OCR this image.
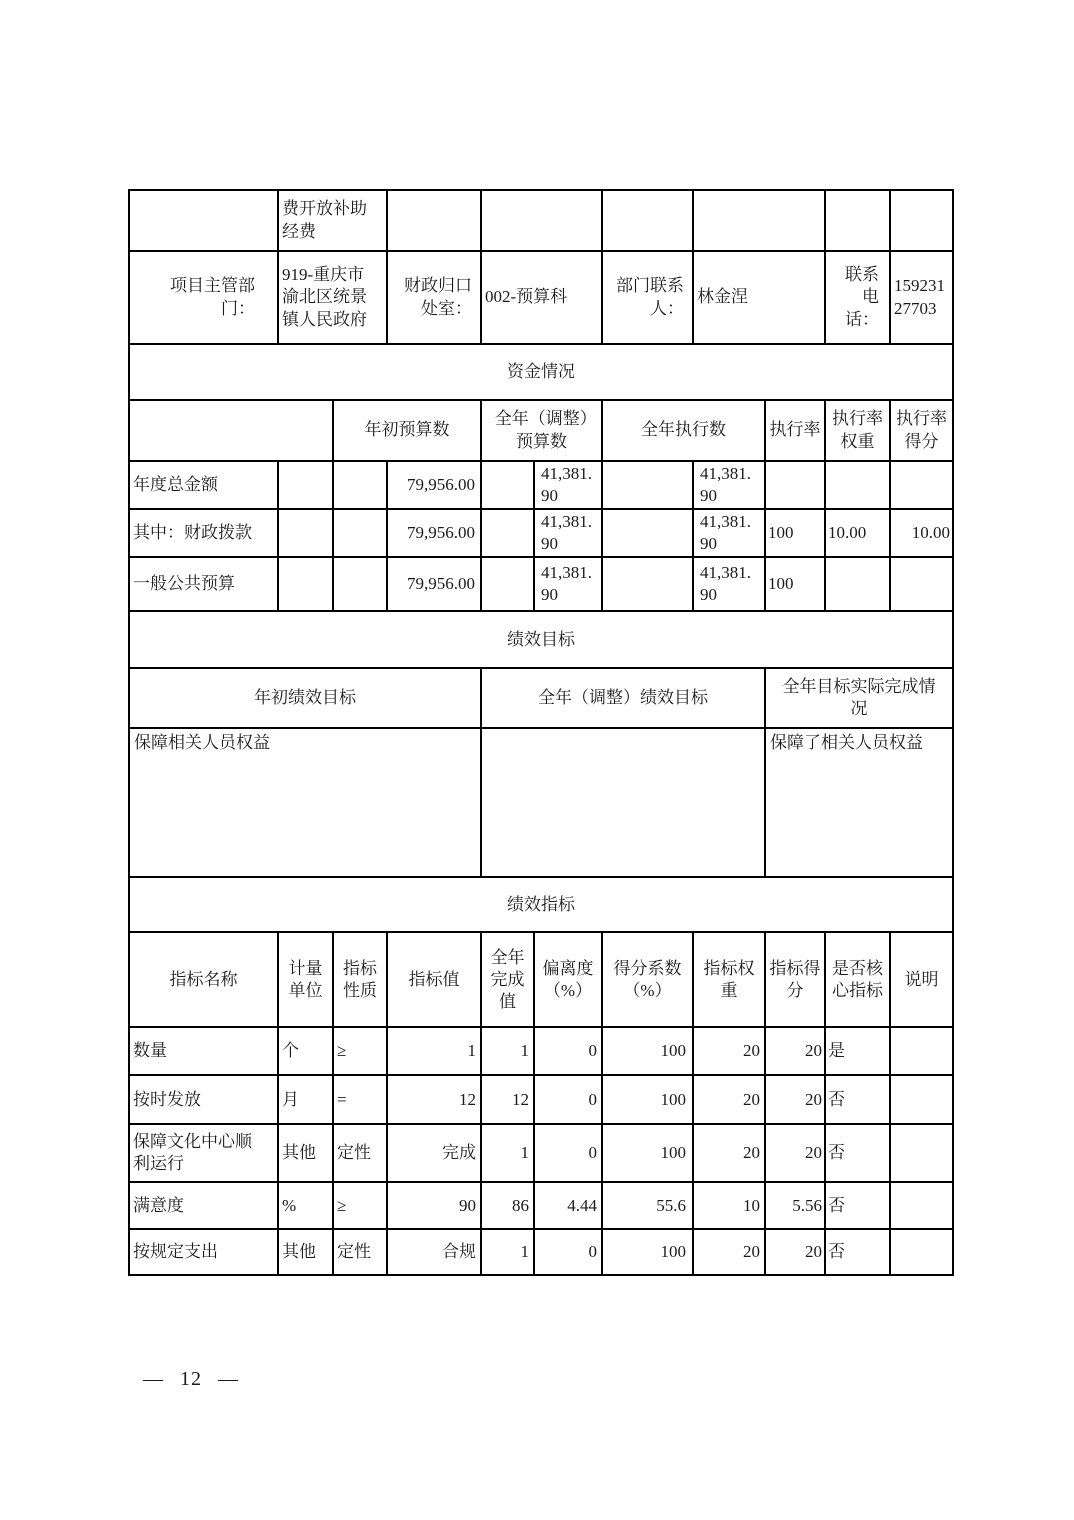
	费开放补助经费									
项目主管部门：	919-重庆市渝北区统景镇人民政府		财政归口处室：	002-预算科		部门联系人：	林金涅		联系电话：	15923127703
资金情况										
		年初预算数		全年（调整）预算数		全年执行数		执行率	执行率权重	执行率得分
年度总金额			79,956.00		41,381.90		41,381.90			
其中：财政拨款			79,956.00		41,381.90		41,381.90	100	10.00	10.00
一般公共预算			79,956.00		41,381.90		41,381.90	100		
绩效目标										
年初绩效目标				全年（调整）绩效目标				全年目标实际完成情况		
保障相关人员权益								保障了相关人员权益		
绩效指标										
指标名称	计量单位	指标性质	指标值	全年完成值	偏离度（%）	得分系数（%）	指标权重	指标得分	是否核心指标	说明
数量	个	≥	1	1	0	100	20	20	是	
按时发放	月	=	12	12	0	100	20	20	否	
保障文化中心顺利运行	其他	定性	完成	1	0	100	20	20	否	
满意度	%	≥	90	86	4.44	55.6	10	5.56	否	
按规定支出	其他	定性	合规	1	0	100	20	20	否	
— 12 —
